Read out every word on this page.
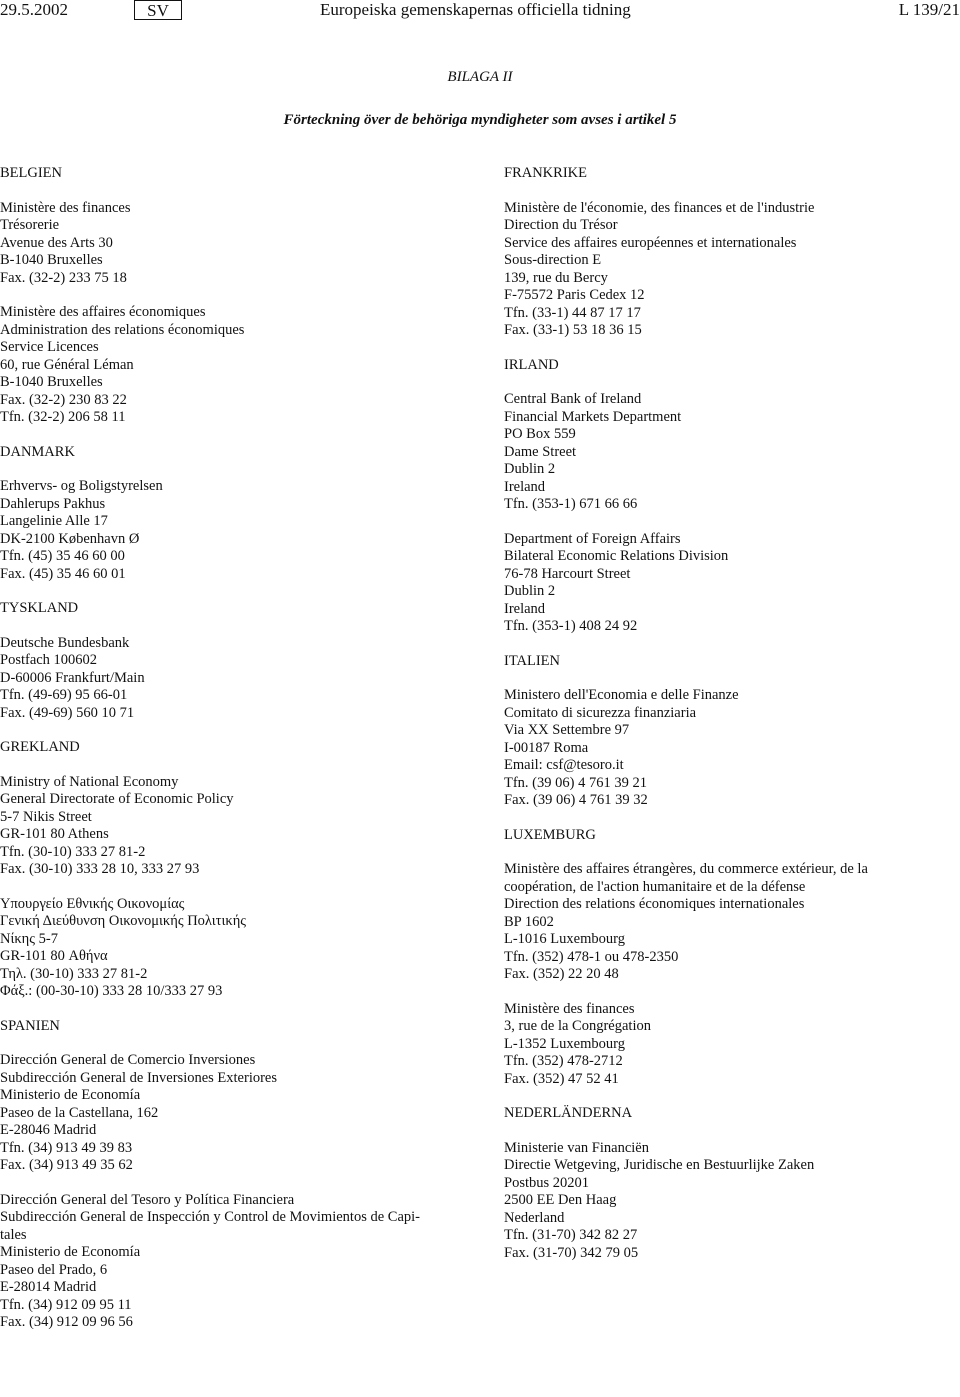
29.5.2002	SV	Europeiska gemenskapernas officiella tidning	L 139/21
BILAGA II
Förteckning över de behöriga myndigheter som avses i artikel 5
BELGIEN
Ministère des finances
Trésorerie
Avenue des Arts 30
B-1040 Bruxelles
Fax. (32-2) 233 75 18
Ministère des affaires économiques
Administration des relations économiques
Service Licences
60, rue Général Léman
B-1040 Bruxelles
Fax. (32-2) 230 83 22
Tfn. (32-2) 206 58 11
DANMARK
Erhvervs- og Boligstyrelsen
Dahlerups Pakhus
Langelinie Alle 17
DK-2100 København Ø
Tfn. (45) 35 46 60 00
Fax. (45) 35 46 60 01
TYSKLAND
Deutsche Bundesbank
Postfach 100602
D-60006 Frankfurt/Main
Tfn. (49-69) 95 66-01
Fax. (49-69) 560 10 71
GREKLAND
Ministry of National Economy
General Directorate of Economic Policy
5-7 Nikis Street
GR-101 80 Athens
Tfn. (30-10) 333 27 81-2
Fax. (30-10) 333 28 10, 333 27 93
Υπουργείο Εθνικής Οικονομίας
Γενική Διεύθυνση Οικονομικής Πολιτικής
Νίκης 5-7
GR-101 80 Αθήνα
Τηλ. (30-10) 333 27 81-2
Φάξ.: (00-30-10) 333 28 10/333 27 93
SPANIEN
Dirección General de Comercio Inversiones
Subdirección General de Inversiones Exteriores
Ministerio de Economía
Paseo de la Castellana, 162
E-28046 Madrid
Tfn. (34) 913 49 39 83
Fax. (34) 913 49 35 62
Dirección General del Tesoro y Política Financiera
Subdirección General de Inspección y Control de Movimientos de Capi-
tales
Ministerio de Economía
Paseo del Prado, 6
E-28014 Madrid
Tfn. (34) 912 09 95 11
Fax. (34) 912 09 96 56
FRANKRIKE
Ministère de l'économie, des finances et de l'industrie
Direction du Trésor
Service des affaires européennes et internationales
Sous-direction E
139, rue du Bercy
F-75572 Paris Cedex 12
Tfn. (33-1) 44 87 17 17
Fax. (33-1) 53 18 36 15
IRLAND
Central Bank of Ireland
Financial Markets Department
PO Box 559
Dame Street
Dublin 2
Ireland
Tfn. (353-1) 671 66 66
Department of Foreign Affairs
Bilateral Economic Relations Division
76-78 Harcourt Street
Dublin 2
Ireland
Tfn. (353-1) 408 24 92
ITALIEN
Ministero dell'Economia e delle Finanze
Comitato di sicurezza finanziaria
Via XX Settembre 97
I-00187 Roma
Email: csf@tesoro.it
Tfn. (39 06) 4 761 39 21
Fax. (39 06) 4 761 39 32
LUXEMBURG
Ministère des affaires étrangères, du commerce extérieur, de la
coopération, de l'action humanitaire et de la défense
Direction des relations économiques internationales
BP 1602
L-1016 Luxembourg
Tfn. (352) 478-1 ou 478-2350
Fax. (352) 22 20 48
Ministère des finances
3, rue de la Congrégation
L-1352 Luxembourg
Tfn. (352) 478-2712
Fax. (352) 47 52 41
NEDERLÄNDERNA
Ministerie van Financiën
Directie Wetgeving, Juridische en Bestuurlijke Zaken
Postbus 20201
2500 EE Den Haag
Nederland
Tfn. (31-70) 342 82 27
Fax. (31-70) 342 79 05
